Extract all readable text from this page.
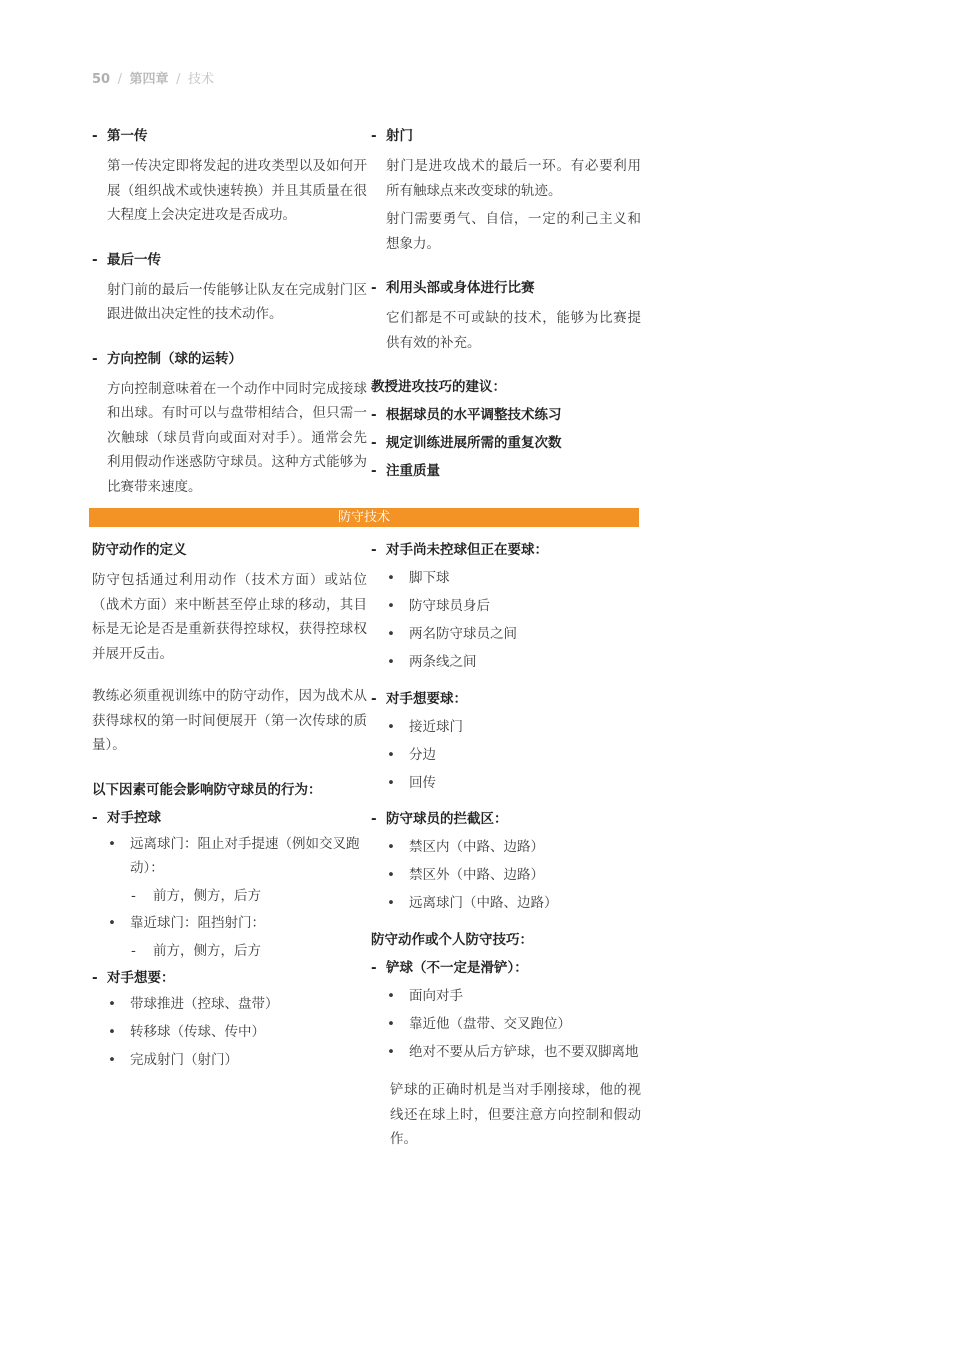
50 / 第四章 / 技术

- 第一传

第一传决定即将发起的进攻类型以及如何开展（组织战术或快速转换）并且其质量在很大程度上会决定进攻是否成功。

- 最后一传

射门前的最后一传能够让队友在完成射门区跟进做出决定性的技术动作。

- 方向控制（球的运转）

方向控制意味着在一个动作中同时完成接球和出球。有时可以与盘带相结合，但只需一次触球（球员背向或面对对手）。通常会先利用假动作迷惑防守球员。这种方式能够为比赛带来速度。

- 射门

射门是进攻战术的最后一环。有必要利用所有触球点来改变球的轨迹。

射门需要勇气、自信，一定的利己主义和想象力。

- 利用头部或身体进行比赛

它们都是不可或缺的技术，能够为比赛提供有效的补充。

教授进攻技巧的建议：

- 根据球员的水平调整技术练习

- 规定训练进展所需的重复次数

- 注重质量

防守技术

防守动作的定义

防守包括通过利用动作（技术方面）或站位（战术方面）来中断甚至停止球的移动，其目标是无论是否是重新获得控球权，获得控球权并展开反击。

教练必须重视训练中的防守动作，因为战术从获得球权的第一时间便展开（第一次传球的质量）。

以下因素可能会影响防守球员的行为：

- 对手控球

• 远离球门：阻止对手提速（例如交叉跑动）：
- 前方，侧方，后方
• 靠近球门：阻挡射门：
- 前方，侧方，后方

- 对手想要：

• 带球推进（控球、盘带）
• 转移球（传球、传中）
• 完成射门（射门）

- 对手尚未控球但正在要球：

• 脚下球
• 防守球员身后
• 两名防守球员之间
• 两条线之间

- 对手想要球：

• 接近球门
• 分边
• 回传

- 防守球员的拦截区：

• 禁区内（中路、边路）
• 禁区外（中路、边路）
• 远离球门（中路、边路）

防守动作或个人防守技巧：

- 铲球（不一定是滑铲）：

• 面向对手
• 靠近他（盘带、交叉跑位）
• 绝对不要从后方铲球，也不要双脚离地

铲球的正确时机是当对手刚接球，他的视线还在球上时，但要注意方向控制和假动作。
